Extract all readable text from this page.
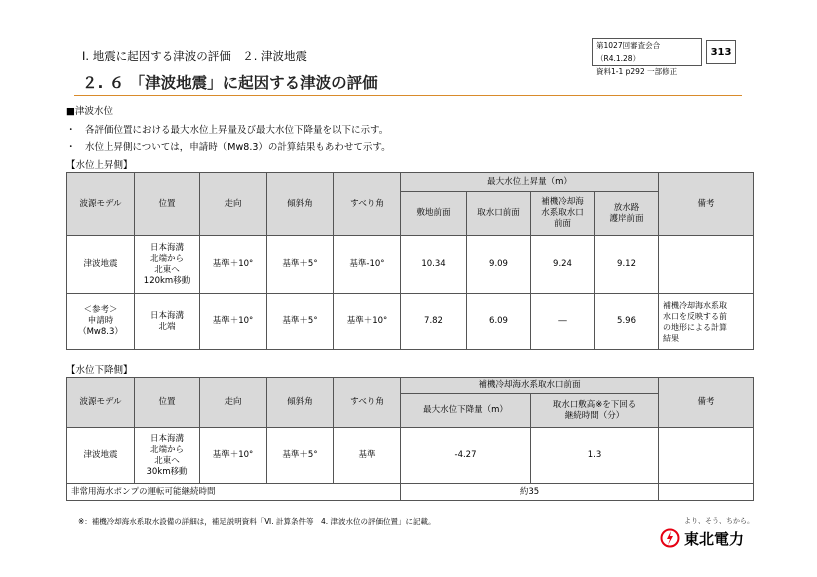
第1027回審査会合（R4.1.28）
資料1-1 p292 一部修正
313
Ⅰ. 地震に起因する津波の評価　２. 津波地震
２. ６ 「津波地震」に起因する津波の評価
■津波水位
・　各評価位置における最大水位上昇量及び最大水位下降量を以下に示す。
・　水位上昇側については，申請時（Mw8.3）の計算結果もあわせて示す。
【水位上昇側】
波源モデル	位置	走向	傾斜角	すべり角	最大水位上昇量（m）				備考
					敷地前面	取水口前面	補機冷却海
水系取水口
前面	放水路
護岸前面	
津波地震	日本海溝
北端から
北東へ
120km移動	基準＋10°	基準＋5°	基準-10°	10.34	9.09	9.24	9.12	
＜参考＞
申請時
（Mw8.3）	日本海溝
北端	基準＋10°	基準＋5°	基準＋10°	7.82	6.09	―	5.96	補機冷却海水系取
水口を反映する前
の地形による計算
結果
【水位下降側】
波源モデル	位置	走向	傾斜角	すべり角	補機冷却海水系取水口前面		備考
					最大水位下降量（m）	取水口敷高※を下回る
継続時間（分）	
津波地震	日本海溝
北端から
北東へ
30km移動	基準＋10°	基準＋5°	基準	-4.27	1.3	
非常用海水ポンプの運転可能継続時間					約35		
※：補機冷却海水系取水設備の詳細は，補足説明資料「Ⅵ. 計算条件等　4. 津波水位の評価位置」に記載。	より、そう、ちから。
東北電力
